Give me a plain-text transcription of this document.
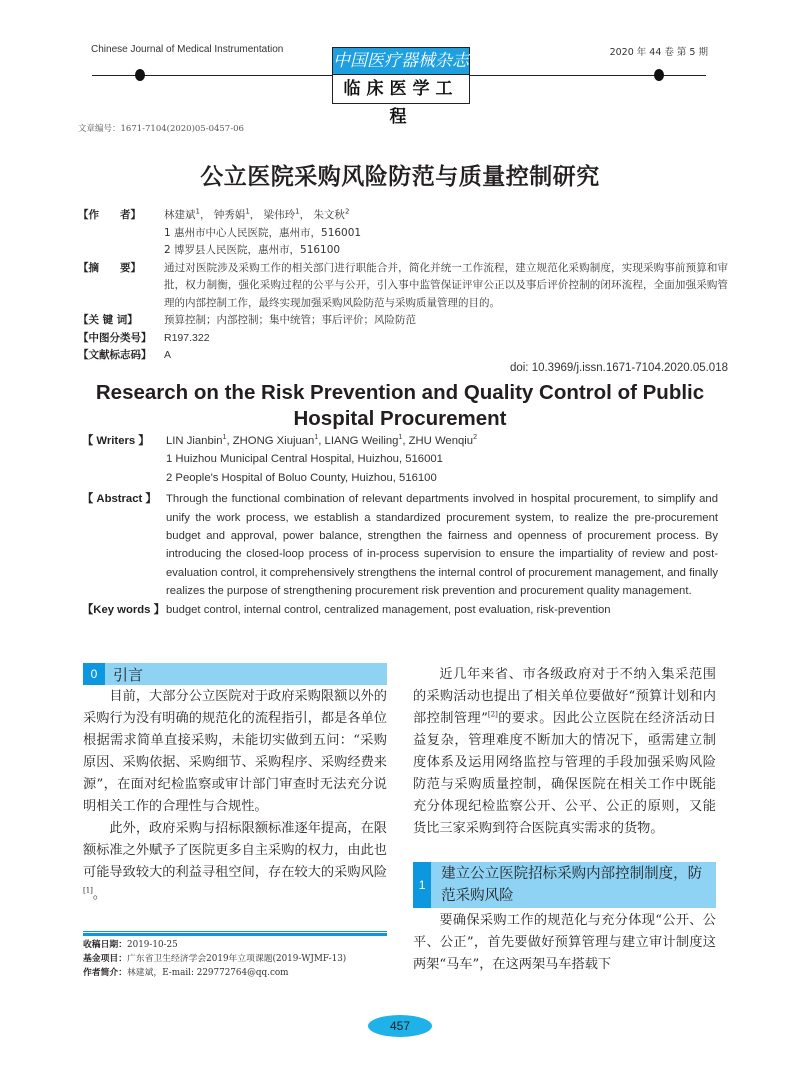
Chinese Journal of Medical Instrumentation	2020 年 44 卷 第 5 期
中国医疗器械杂志
临床医学工程
文章编号：1671-7104(2020)05-0457-06
公立医院采购风险防范与质量控制研究
【作　　者】	林建斌$^1$， 钟秀娟$^1$， 梁伟玲$^1$， 朱文秋$^2$
1 惠州市中心人民医院，惠州市，516001
2 博罗县人民医院，惠州市，516100
【摘　　要】	通过对医院涉及采购工作的相关部门进行职能合并，简化并统一工作流程，建立规范化采购制度，实现采购事前预算和审批，权力制衡，强化采购过程的公平与公开，引入事中监管保证评审公正以及事后评价控制的闭环流程，全面加强采购管理的内部控制工作，最终实现加强采购风险防范与采购质量管理的目的。
【关 键 词】	预算控制；内部控制；集中统管；事后评价；风险防范
【中图分类号】	R197.322
【文献标志码】	A
doi: 10.3969/j.issn.1671-7104.2020.05.018
Research on the Risk Prevention and Quality Control of Public Hospital Procurement
【 Writers 】	LIN Jianbin$^1$, ZHONG Xiujuan$^1$, LIANG Weiling$^1$, ZHU Wenqiu$^2$
1 Huizhou Municipal Central Hospital, Huizhou, 516001
2 People's Hospital of Boluo County, Huizhou, 516100
【 Abstract 】 Through the functional combination of relevant departments involved in hospital procurement, to simplify and unify the work process, we establish a standardized procurement system, to realize the pre-procurement budget and approval, power balance, strengthen the fairness and openness of procurement process. By introducing the closed-loop process of in-process supervision to ensure the impartiality of review and post-evaluation control, it comprehensively strengthens the internal control of procurement management, and finally realizes the purpose of strengthening procurement risk prevention and procurement quality management.
【Key words 】 budget control, internal control, centralized management, post evaluation, risk-prevention
0	引言

目前，大部分公立医院对于政府采购限额以外的采购行为没有明确的规范化的流程指引，都是各单位根据需求简单直接采购，未能切实做到五问：“采购原因、采购依据、采购细节、采购程序、采购经费来源”，在面对纪检监察或审计部门审查时无法充分说明相关工作的合理性与合规性。

此外，政府采购与招标限额标准逐年提高，在限额标准之外赋予了医院更多自主采购的权力，由此也可能导致较大的利益寻租空间，存在较大的采购风险[1]。

收稿日期：2019-10-25
基金项目：广东省卫生经济学会2019年立项课题(2019-WJMF-13)
作者简介：林建斌，E-mail: 229772764@qq.com

近几年来省、市各级政府对于不纳入集采范围的采购活动也提出了相关单位要做好“预算计划和内部控制管理”[2]的要求。因此公立医院在经济活动日益复杂，管理难度不断加大的情况下，亟需建立制度体系及运用网络监控与管理的手段加强采购风险防范与采购质量控制，确保医院在相关工作中既能充分体现纪检监察公开、公平、公正的原则，又能货比三家采购到符合医院真实需求的货物。

1
建立公立医院招标采购内部控制制度，防范采购风险

要确保采购工作的规范化与充分体现“公开、公平、公正”，首先要做好预算管理与建立审计制度这两架“马车”，在这两架马车搭载下

457
